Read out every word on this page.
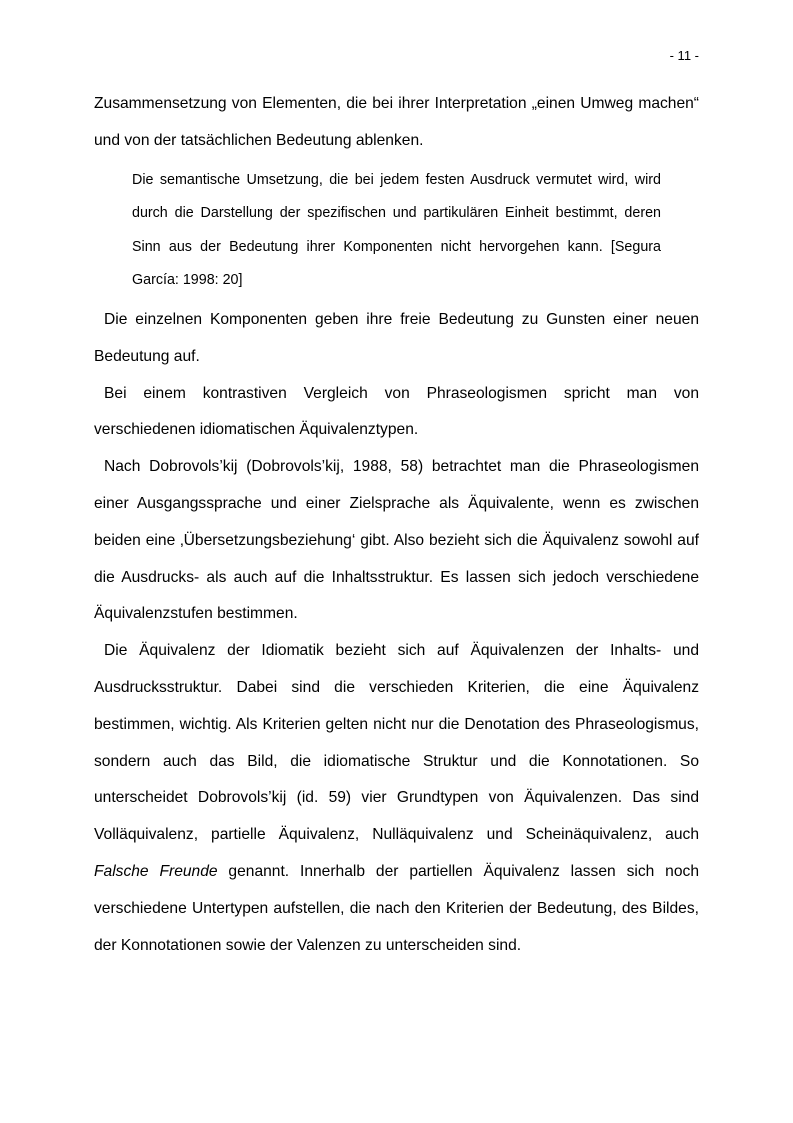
- 11 -

Zusammensetzung von Elementen, die bei ihrer Interpretation „einen Umweg machen“ und von der tatsächlichen Bedeutung ablenken.

Die semantische Umsetzung, die bei jedem festen Ausdruck vermutet wird, wird durch die Darstellung der spezifischen und partikulären Einheit bestimmt, deren Sinn aus der Bedeutung ihrer Komponenten nicht hervorgehen kann. [Segura García: 1998: 20]

Die einzelnen Komponenten geben ihre freie Bedeutung zu Gunsten einer neuen Bedeutung auf.

Bei einem kontrastiven Vergleich von Phraseologismen spricht man von verschiedenen idiomatischen Äquivalenztypen.

Nach Dobrovols’kij (Dobrovols’kij, 1988, 58) betrachtet man die Phraseologismen einer Ausgangssprache und einer Zielsprache als Äquivalente, wenn es zwischen beiden eine ‚Übersetzungsbeziehung‘ gibt. Also bezieht sich die Äquivalenz sowohl auf die Ausdrucks- als auch auf die Inhaltsstruktur. Es lassen sich jedoch verschiedene Äquivalenzstufen bestimmen.

Die Äquivalenz der Idiomatik bezieht sich auf Äquivalenzen der Inhalts- und Ausdrucksstruktur. Dabei sind die verschieden Kriterien, die eine Äquivalenz bestimmen, wichtig. Als Kriterien gelten nicht nur die Denotation des Phraseologismus, sondern auch das Bild, die idiomatische Struktur und die Konnotationen. So unterscheidet Dobrovols’kij (id. 59) vier Grundtypen von Äquivalenzen. Das sind Volläquivalenz, partielle Äquivalenz, Nulläquivalenz und Scheinäquivalenz, auch Falsche Freunde genannt. Innerhalb der partiellen Äquivalenz lassen sich noch verschiedene Untertypen aufstellen, die nach den Kriterien der Bedeutung, des Bildes, der Konnotationen sowie der Valenzen zu unterscheiden sind.
